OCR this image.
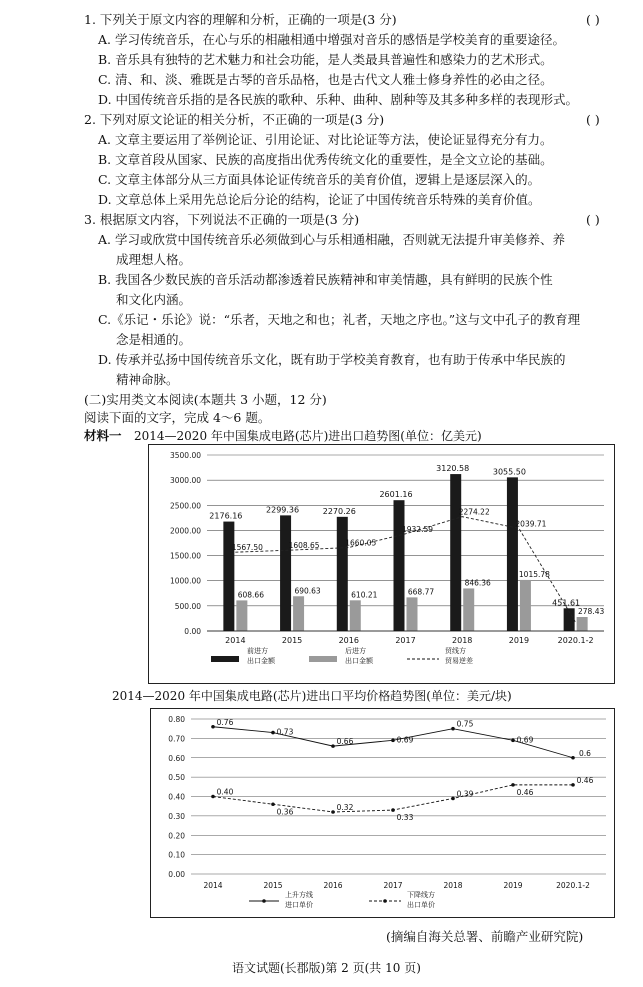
1. 下列关于原文内容的理解和分析，正确的一项是(3 分)	( )
A. 学习传统音乐，在心与乐的相融相通中增强对音乐的感悟是学校美育的重要途径。
B. 音乐具有独特的艺术魅力和社会功能，是人类最具普遍性和感染力的艺术形式。
C. 清、和、淡、雅既是古琴的音乐品格，也是古代文人雅士修身养性的必由之径。
D. 中国传统音乐指的是各民族的歌种、乐种、曲种、剧种等及其多种多样的表现形式。
2. 下列对原文论证的相关分析，不正确的一项是(3 分)	( )
A. 文章主要运用了举例论证、引用论证、对比论证等方法，使论证显得充分有力。
B. 文章首段从国家、民族的高度指出优秀传统文化的重要性，是全文立论的基础。
C. 文章主体部分从三方面具体论证传统音乐的美育价值，逻辑上是逐层深入的。
D. 文章总体上采用先总论后分论的结构，论证了中国传统音乐特殊的美育价值。
3. 根据原文内容，下列说法不正确的一项是(3 分)	( )
A. 学习或欣赏中国传统音乐必须做到心与乐相通相融，否则就无法提升审美修养、养
成理想人格。
B. 我国各少数民族的音乐活动都渗透着民族精神和审美情趣，具有鲜明的民族个性
和文化内涵。
C.《乐记・乐论》说：“乐者，天地之和也；礼者，天地之序也。”这与文中孔子的教育理
念是相通的。
D. 传承并弘扬中国传统音乐文化，既有助于学校美育教育，也有助于传承中华民族的
精神命脉。
(二)实用类文本阅读(本题共 3 小题，12 分)
阅读下面的文字，完成 4～6 题。
材料一 2014—2020 年中国集成电路(芯片)进出口趋势图(单位：亿美元)
0.00
500.00
1000.00
1500.00
2000.00
2500.00
3000.00
3500.00
2176.16
608.66
2014
2299.36
690.63
2015
2270.26
610.21
2016
2601.16
668.77
2017
3120.58
846.36
2018
3055.50
1015.78
2019
451.61
278.43
2020.1-2
1567.50	1608.65	1660.05
1932.59
2274.22
2039.71
前进方
出口金额
后进方
出口金额
贸线方
贸易逆差
2014—2020 年中国集成电路(芯片)进出口平均价格趋势图(单位：美元/块)
0.00
0.10
0.20
0.30
0.40
0.50
0.60
0.70
0.80
2014	2015	2016	2017	2018	2019	2020.1-2
0.76
0.73
0.66	0.69
0.75
0.69
0.6
0.40
0.36	0.32
0.33
0.39	0.46
0.46
上升方线
进口单价
下降线方
出口单价
(摘编自海关总署、前瞻产业研究院)
语文试题(长郡版)第 2 页(共 10 页)
